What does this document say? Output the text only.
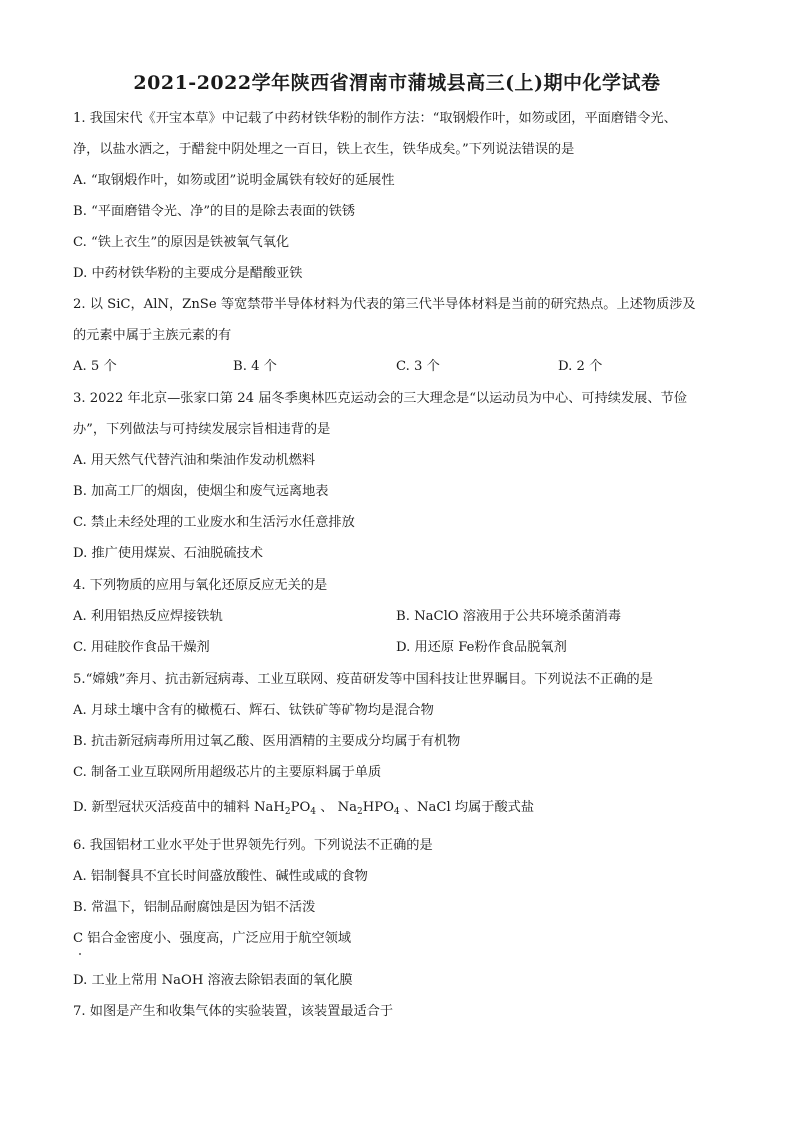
2021-2022学年陕西省渭南市蒲城县高三(上)期中化学试卷
1. 我国宋代《开宝本草》中记载了中药材铁华粉的制作方法：“取钢煅作叶，如笏或团，平面磨错令光、
净，以盐水洒之，于醋瓮中阴处埋之一百日，铁上衣生，铁华成矣。”下列说法错误的是
A. “取钢煅作叶，如笏或团”说明金属铁有较好的延展性
B. “平面磨错令光、净”的目的是除去表面的铁锈
C. “铁上衣生”的原因是铁被氧气氧化
D. 中药材铁华粉的主要成分是醋酸亚铁
2. 以 SiC，AlN，ZnSe 等宽禁带半导体材料为代表的第三代半导体材料是当前的研究热点。上述物质涉及
的元素中属于主族元素的有
A. 5 个	B. 4 个	C. 3 个	D. 2 个
3. 2022 年北京—张家口第 24 届冬季奥林匹克运动会的三大理念是“以运动员为中心、可持续发展、节俭
办”，下列做法与可持续发展宗旨相违背的是
A. 用天然气代替汽油和柴油作发动机燃料
B. 加高工厂的烟囱，使烟尘和废气远离地表
C. 禁止未经处理的工业废水和生活污水任意排放
D. 推广使用煤炭、石油脱硫技术
4. 下列物质的应用与氧化还原反应无关的是
A. 利用铝热反应焊接铁轨	B. NaClO 溶液用于公共环境杀菌消毒
C. 用硅胶作食品干燥剂	D. 用还原 Fe粉作食品脱氧剂
5.“嫦娥”奔月、抗击新冠病毒、工业互联网、疫苗研发等中国科技让世界瞩目。下列说法不正确的是
A. 月球土壤中含有的橄榄石、辉石、钛铁矿等矿物均是混合物
B. 抗击新冠病毒所用过氧乙酸、医用酒精的主要成分均属于有机物
C. 制备工业互联网所用超级芯片的主要原料属于单质
D. 新型冠状灭活疫苗中的辅料 $NaH_2PO_4$ 、 $Na_2HPO_4$ 、NaCl 均属于酸式盐
6. 我国铝材工业水平处于世界领先行列。下列说法不正确的是
A. 铝制餐具不宜长时间盛放酸性、碱性或咸的食物
B. 常温下，铝制品耐腐蚀是因为铝不活泼
C 铝合金密度小、强度高，广泛应用于航空领域
D. 工业上常用 NaOH 溶液去除铝表面的氧化膜
7. 如图是产生和收集气体的实验装置，该装置最适合于
